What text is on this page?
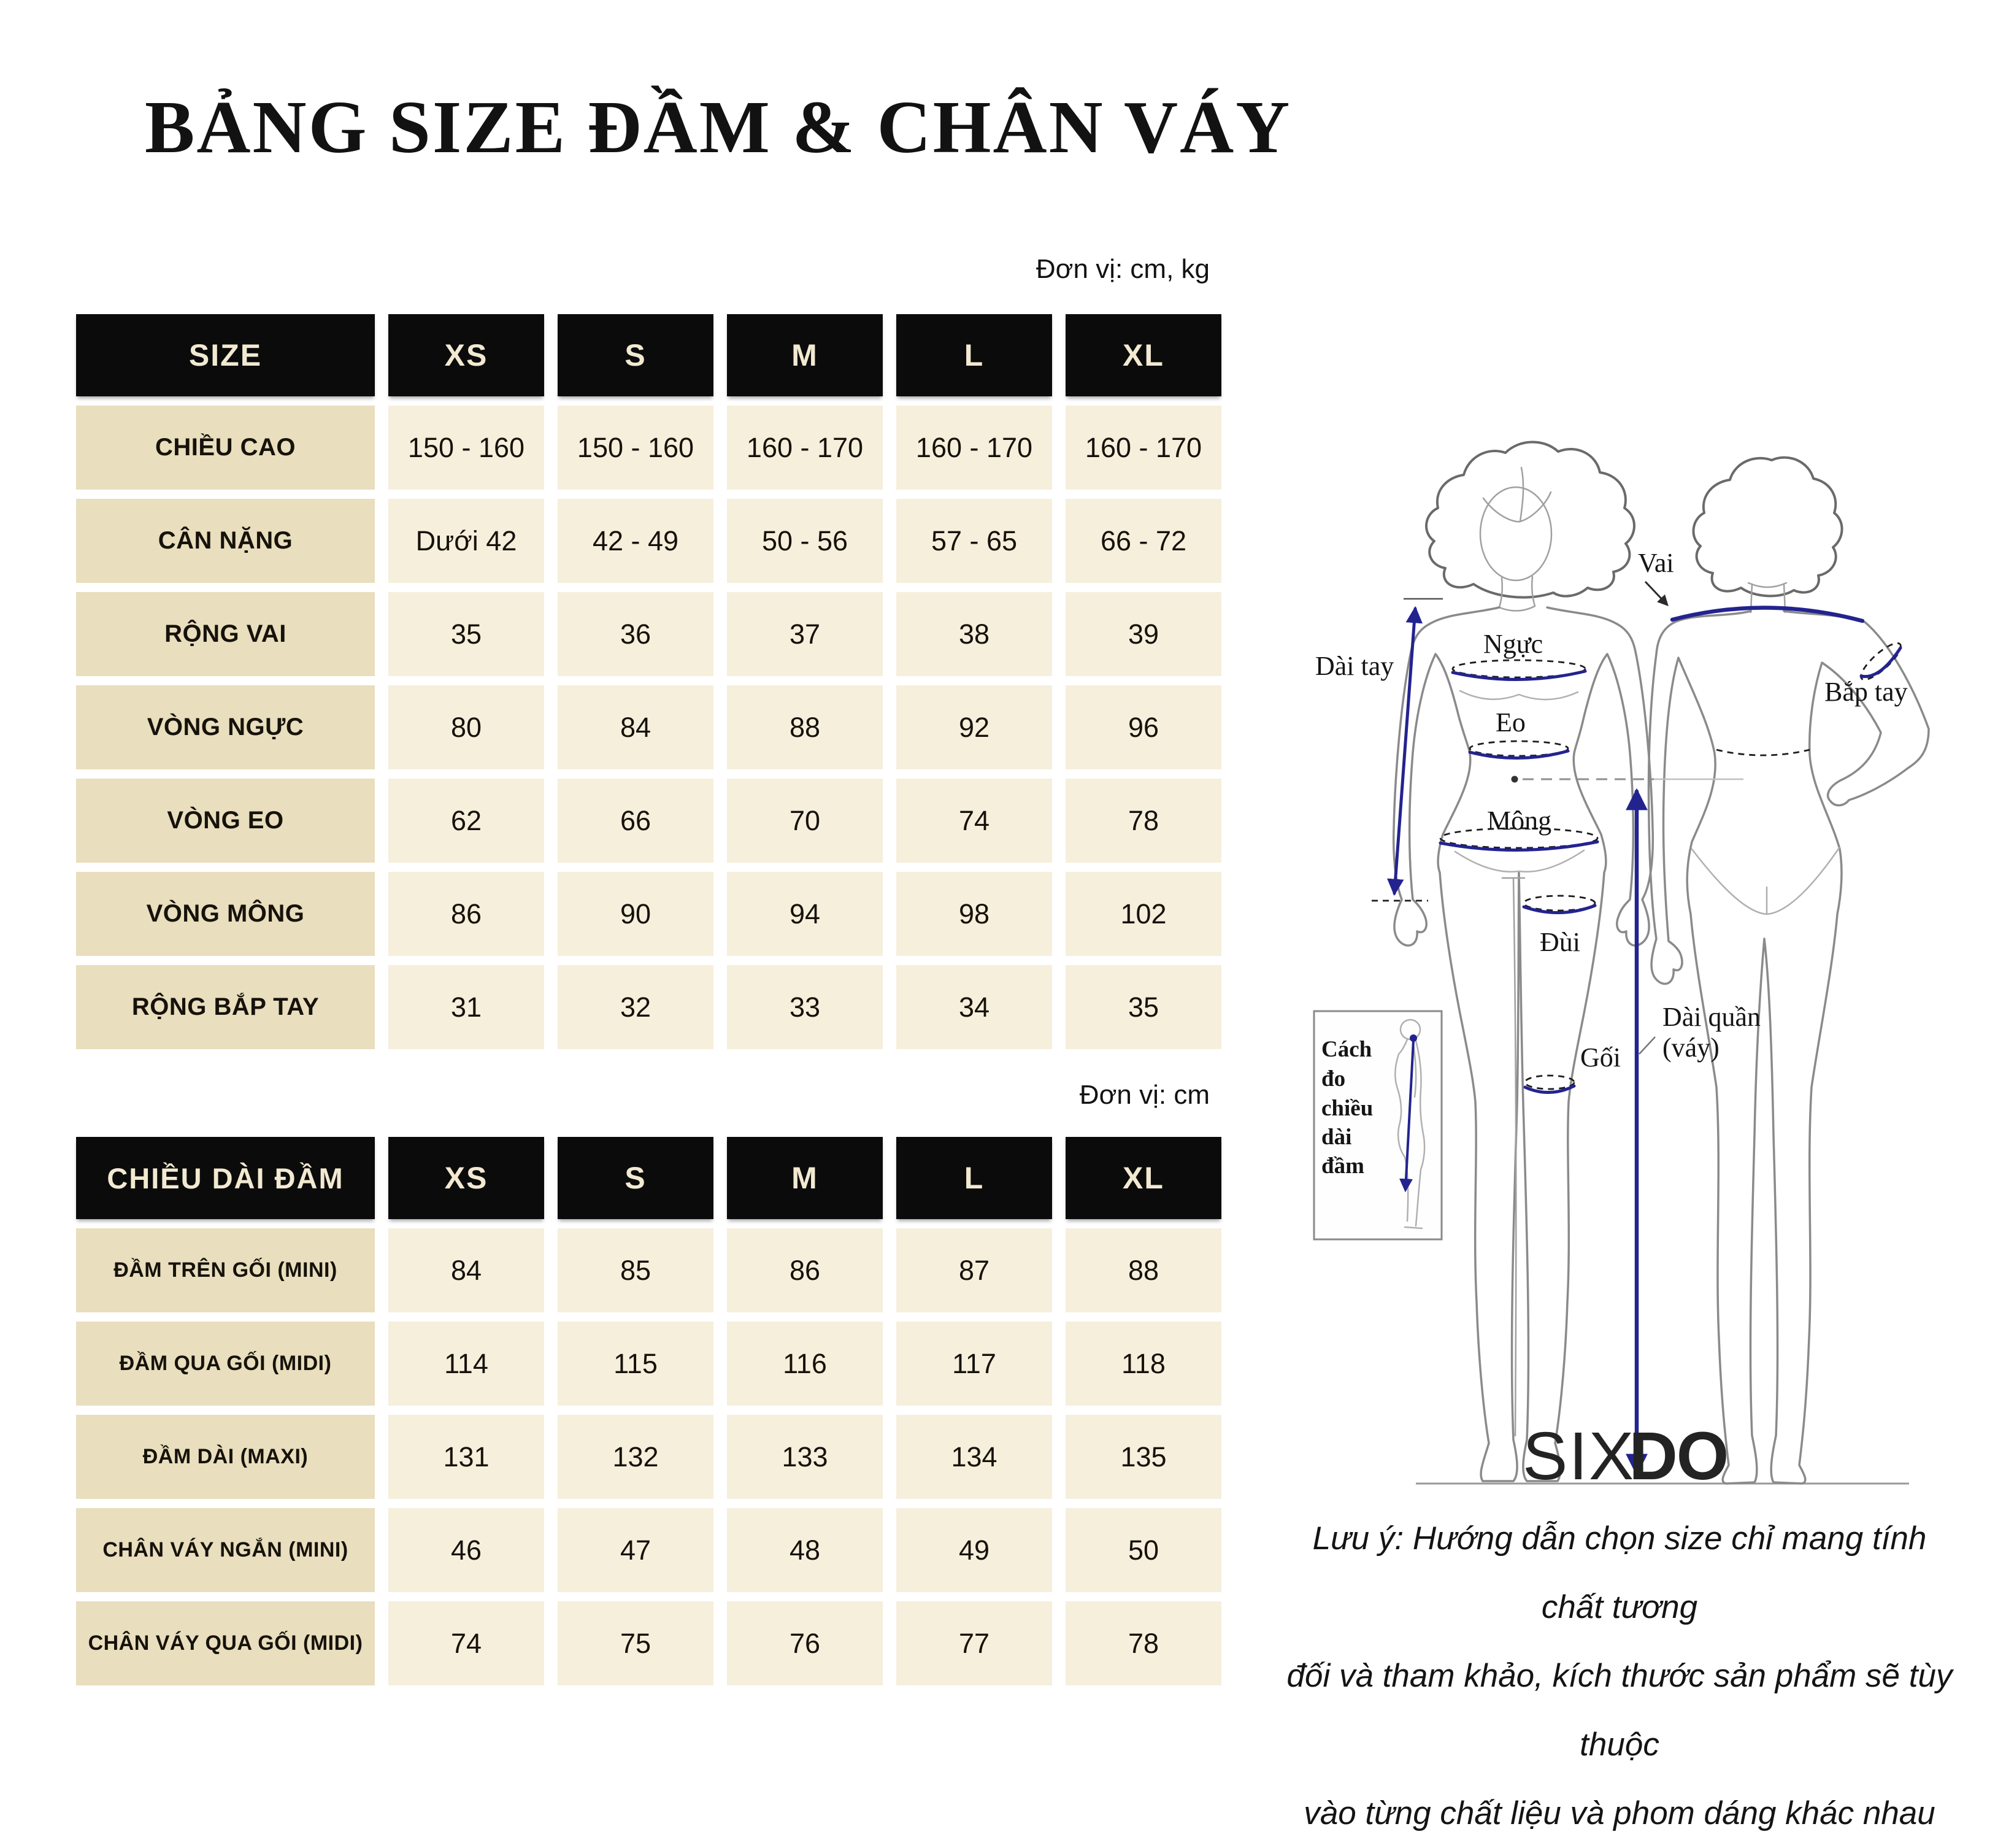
BẢNG SIZE ĐẦM & CHÂN VÁY
Đơn vị: cm, kg
Đơn vị: cm
SIZE	XS	S	M	L	XL
CHIỀU CAO	150 - 160	150 - 160	160 - 170	160 - 170	160 - 170
CÂN NẶNG	Dưới 42	42 - 49	50 - 56	57 - 65	66 - 72
RỘNG VAI	35	36	37	38	39
VÒNG NGỰC	80	84	88	92	96
VÒNG EO	62	66	70	74	78
VÒNG MÔNG	86	90	94	98	102
RỘNG BẮP TAY	31	32	33	34	35
CHIỀU DÀI ĐẦM	XS	S	M	L	XL
ĐẦM TRÊN GỐI (MINI)	84	85	86	87	88
ĐẦM QUA GỐI (MIDI)	114	115	116	117	118
ĐẦM DÀI (MAXI)	131	132	133	134	135
CHÂN VÁY NGẮN (MINI)	46	47	48	49	50
CHÂN VÁY QUA GỐI (MIDI)	74	75	76	77	78
Cách
đo
chiều
dài
đầm
Vai
Dài tay
Ngực
Eo
Mông
Bắp tay
Đùi
Gối
Dài quần
(váy)
SIXDO
Lưu ý: Hướng dẫn chọn size chỉ mang tính chất tương
đối và tham khảo, kích thước sản phẩm sẽ tùy thuộc
vào từng chất liệu và phom dáng khác nhau
